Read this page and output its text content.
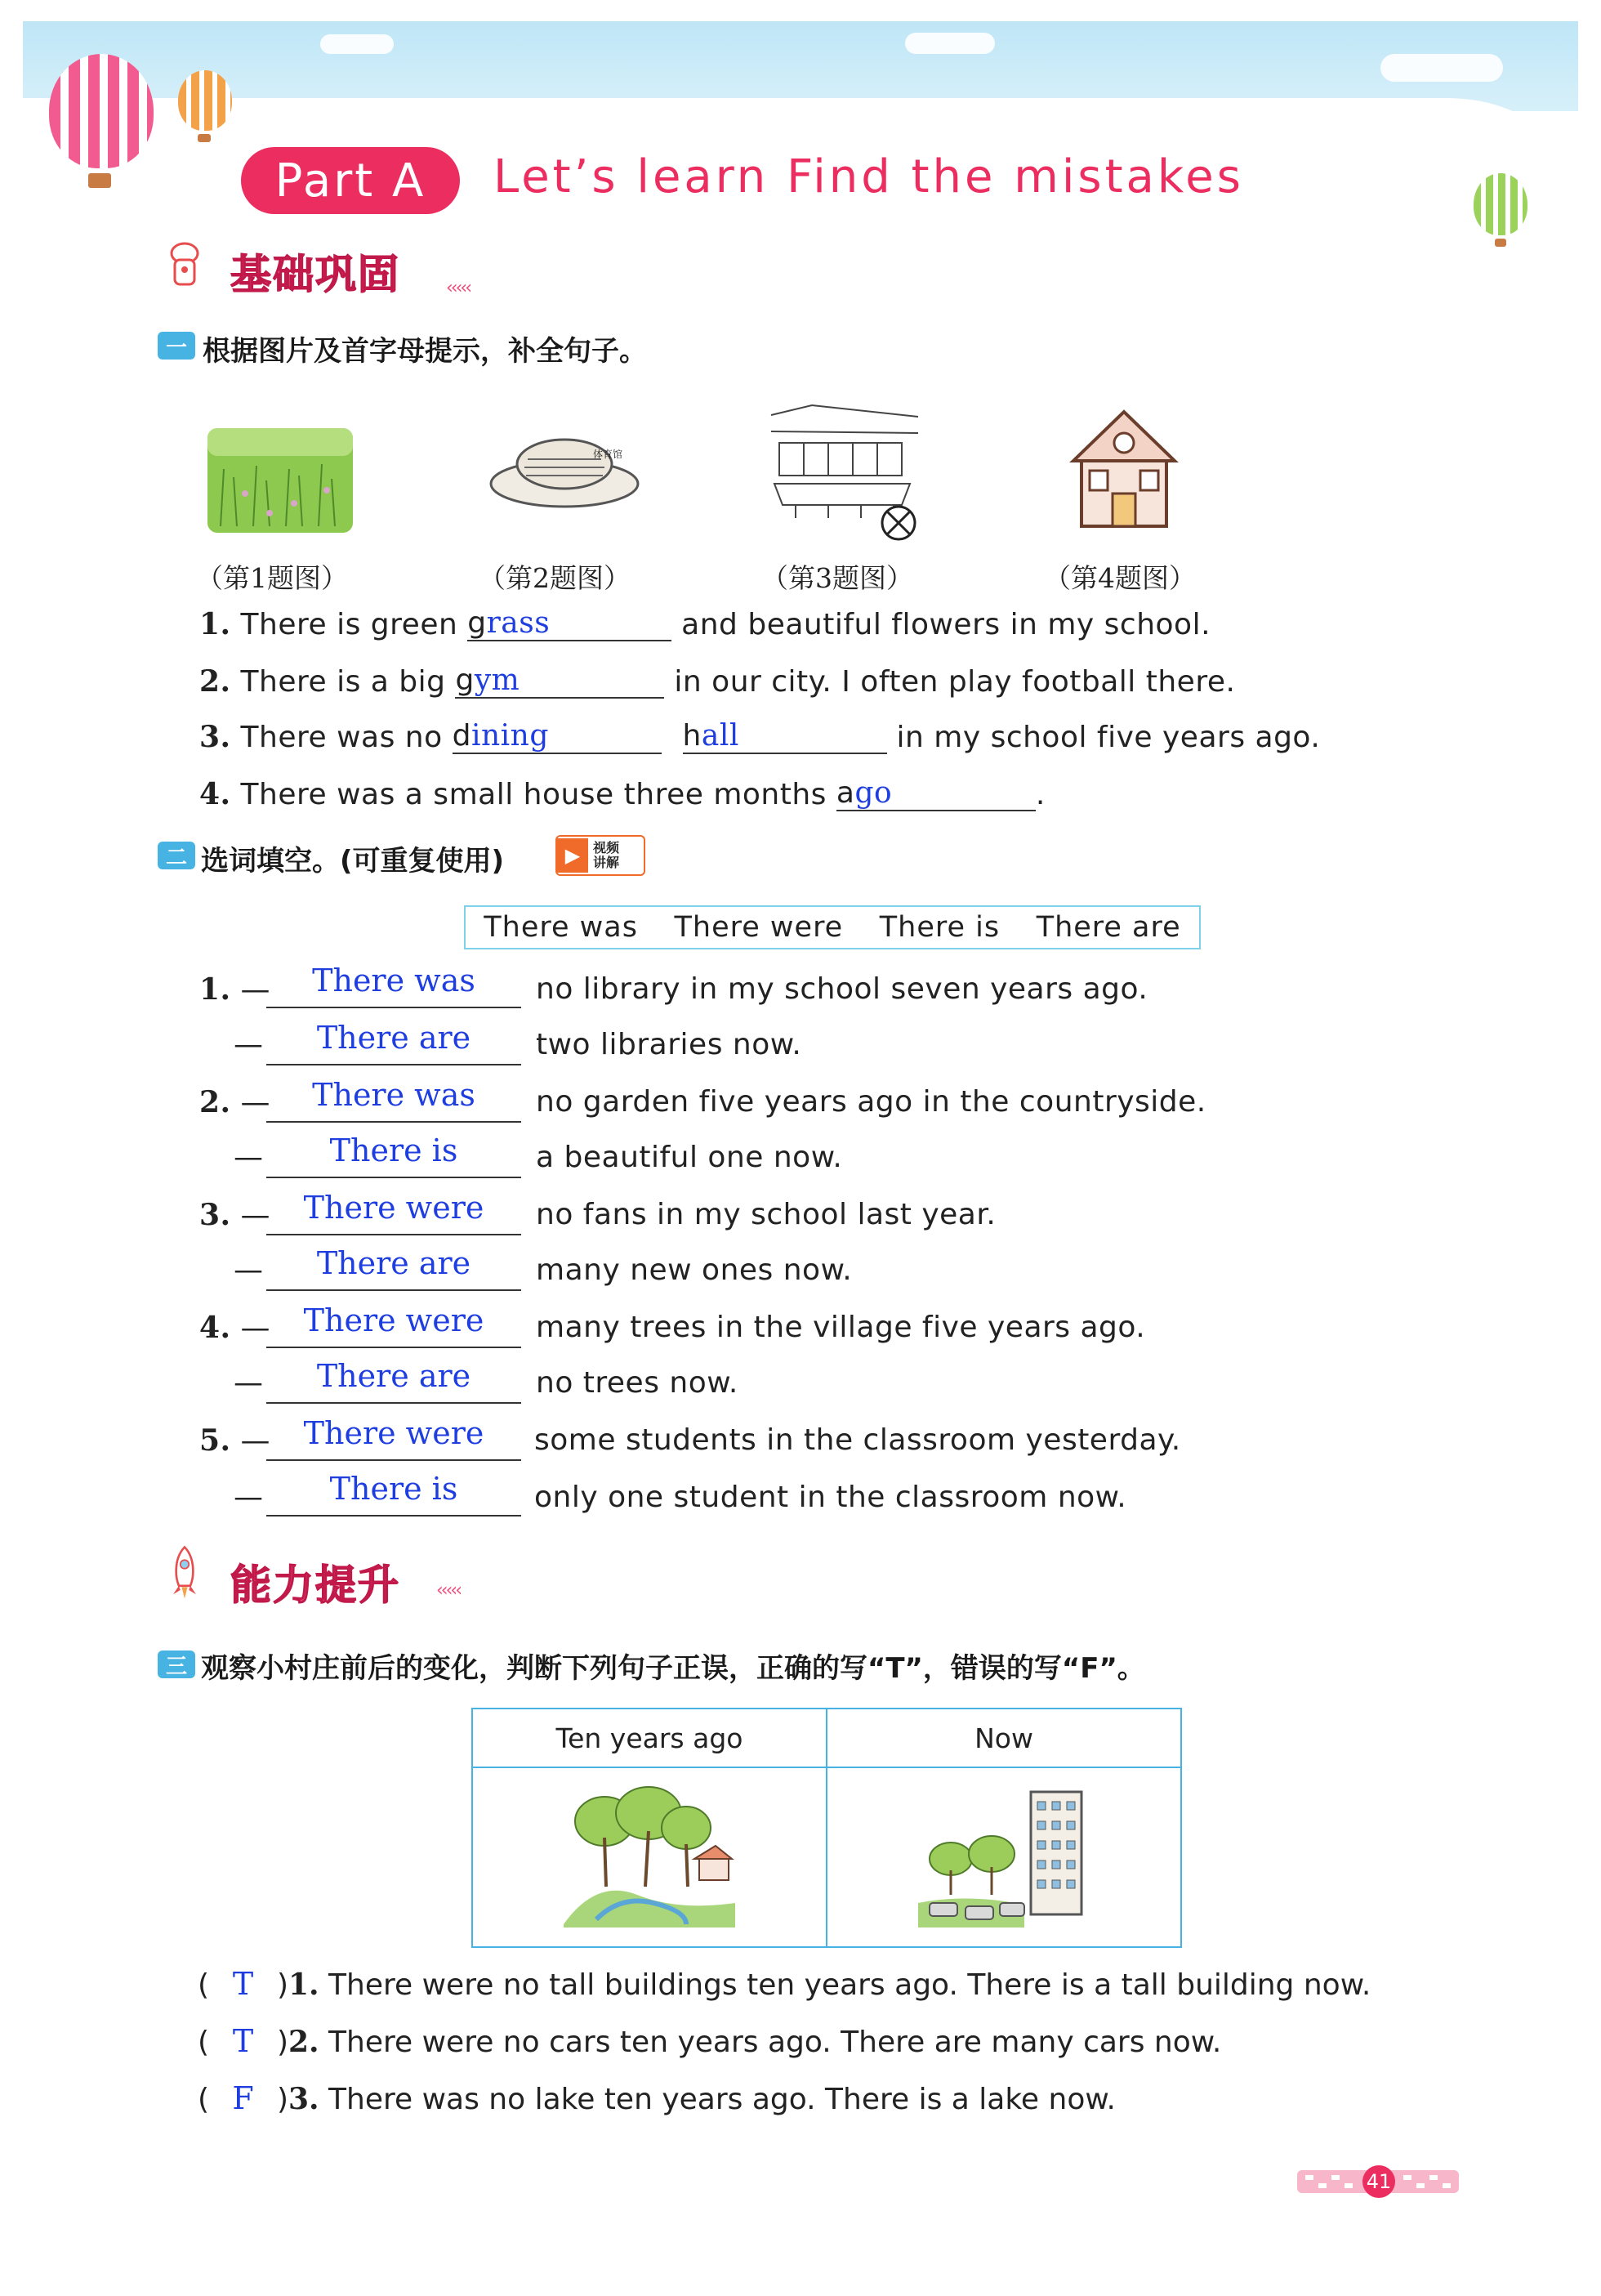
Part A	Let’s learn Find the mistakes
基础巩固	‹‹‹‹‹
一 根据图片及首字母提示，补全句子。
体育馆
（第1题图）	（第2题图）	（第3题图）	（第4题图）
1. There is green grass	and beautiful flowers in my school.
2. There is a big gym	in our city. I often play football there.
3. There was no dining	hall	in my school five years ago.
4. There was a small house three months ago	.
二 选词填空。(可重复使用)	▶ 视频
讲解
There was There were There is There are
1. —	There was	no library in my school seven years ago.
—	There are	two libraries now.
2. —	There was	no garden five years ago in the countryside.
—	There is	a beautiful one now.
3. —	There were	no fans in my school last year.
—	There are	many new ones now.
4. —	There were	many trees in the village five years ago.
—	There are	no trees now.
5. —	There were	some students in the classroom yesterday.
—	There is	only one student in the classroom now.
能力提升 ‹‹‹‹‹
三 观察小村庄前后的变化，判断下列句子正误，正确的写“T”，错误的写“F”。
Ten years ago	Now

( T )1. There were no tall buildings ten years ago. There is a tall building now.
( T )2. There were no cars ten years ago. There are many cars now.
( F )3. There was no lake ten years ago. There is a lake now.
41
